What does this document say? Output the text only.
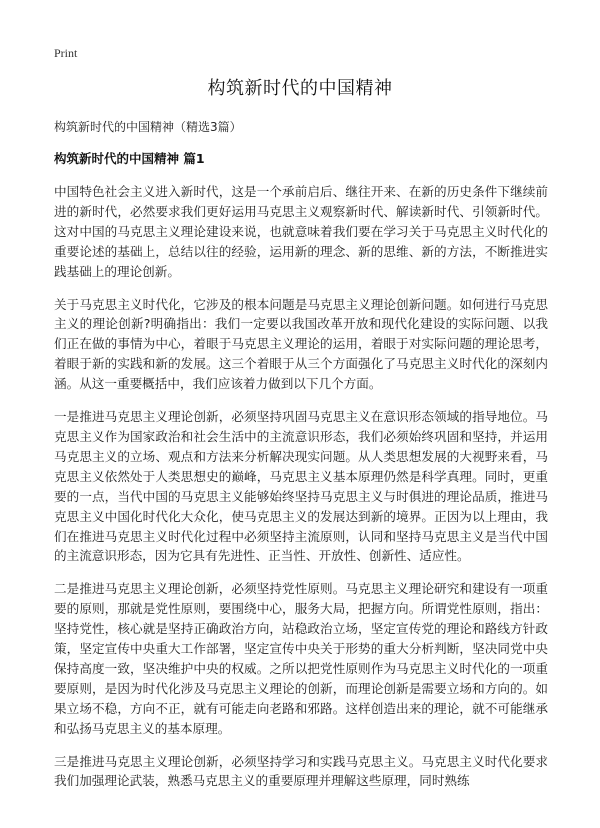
Print
构筑新时代的中国精神
构筑新时代的中国精神（精选3篇）
构筑新时代的中国精神 篇1

中国特色社会主义进入新时代，这是一个承前启后、继往开来、在新的历史条件下继续前进的新时代，必然要求我们更好运用马克思主义观察新时代、解读新时代、引领新时代。这对中国的马克思主义理论建设来说，也就意味着我们要在学习关于马克思主义时代化的重要论述的基础上，总结以往的经验，运用新的理念、新的思维、新的方法，不断推进实践基础上的理论创新。

关于马克思主义时代化，它涉及的根本问题是马克思主义理论创新问题。如何进行马克思主义的理论创新?明确指出：我们一定要以我国改革开放和现代化建设的实际问题、以我们正在做的事情为中心，着眼于马克思主义理论的运用，着眼于对实际问题的理论思考，着眼于新的实践和新的发展。这三个着眼于从三个方面强化了马克思主义时代化的深刻内涵。从这一重要概括中，我们应该着力做到以下几个方面。

一是推进马克思主义理论创新，必须坚持巩固马克思主义在意识形态领域的指导地位。马克思主义作为国家政治和社会生活中的主流意识形态，我们必须始终巩固和坚持，并运用马克思主义的立场、观点和方法来分析解决现实问题。从人类思想发展的大视野来看，马克思主义依然处于人类思想史的巅峰，马克思主义基本原理仍然是科学真理。同时，更重要的一点，当代中国的马克思主义能够始终坚持马克思主义与时俱进的理论品质，推进马克思主义中国化时代化大众化，使马克思主义的发展达到新的境界。正因为以上理由，我们在推进马克思主义时代化过程中必须坚持主流原则，认同和坚持马克思主义是当代中国的主流意识形态，因为它具有先进性、正当性、开放性、创新性、适应性。

二是推进马克思主义理论创新，必须坚持党性原则。马克思主义理论研究和建设有一项重要的原则，那就是党性原则，要围绕中心，服务大局，把握方向。所谓党性原则，指出：坚持党性，核心就是坚持正确政治方向，站稳政治立场，坚定宣传党的理论和路线方针政策，坚定宣传中央重大工作部署，坚定宣传中央关于形势的重大分析判断，坚决同党中央保持高度一致，坚决维护中央的权威。之所以把党性原则作为马克思主义时代化的一项重要原则，是因为时代化涉及马克思主义理论的创新，而理论创新是需要立场和方向的。如果立场不稳，方向不正，就有可能走向老路和邪路。这样创造出来的理论，就不可能继承和弘扬马克思主义的基本原理。

三是推进马克思主义理论创新，必须坚持学习和实践马克思主义。马克思主义时代化要求我们加强理论武装，熟悉马克思主义的重要原理并理解这些原理，同时熟练
